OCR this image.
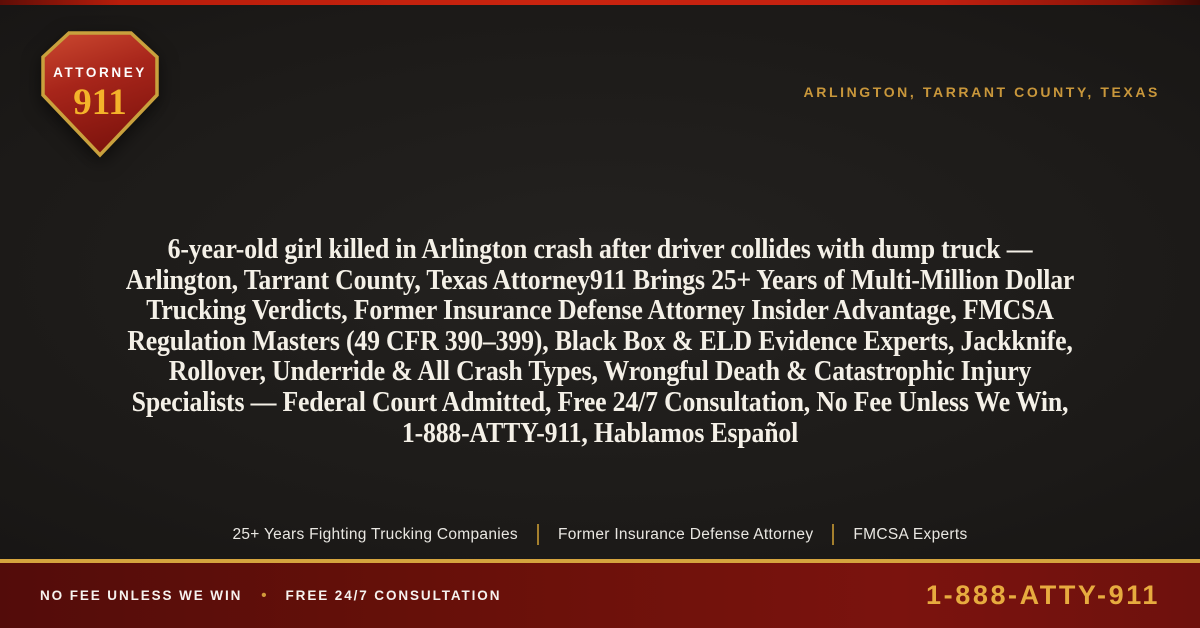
ATTORNEY
911	ARLINGTON, TARRANT COUNTY, TEXAS
6-year-old girl killed in Arlington crash after driver collides with dump truck — Arlington, Tarrant County, Texas Attorney911 Brings 25+ Years of Multi-Million Dollar Trucking Verdicts, Former Insurance Defense Attorney Insider Advantage, FMCSA Regulation Masters (49 CFR 390–399), Black Box & ELD Evidence Experts, Jackknife, Rollover, Underride & All Crash Types, Wrongful Death & Catastrophic Injury Specialists — Federal Court Admitted, Free 24/7 Consultation, No Fee Unless We Win, 1-888-ATTY-911, Hablamos Español
25+ Years Fighting Trucking Companies	Former Insurance Defense Attorney	FMCSA Experts
NO FEE UNLESS WE WIN • FREE 24/7 CONSULTATION	1-888-ATTY-911
